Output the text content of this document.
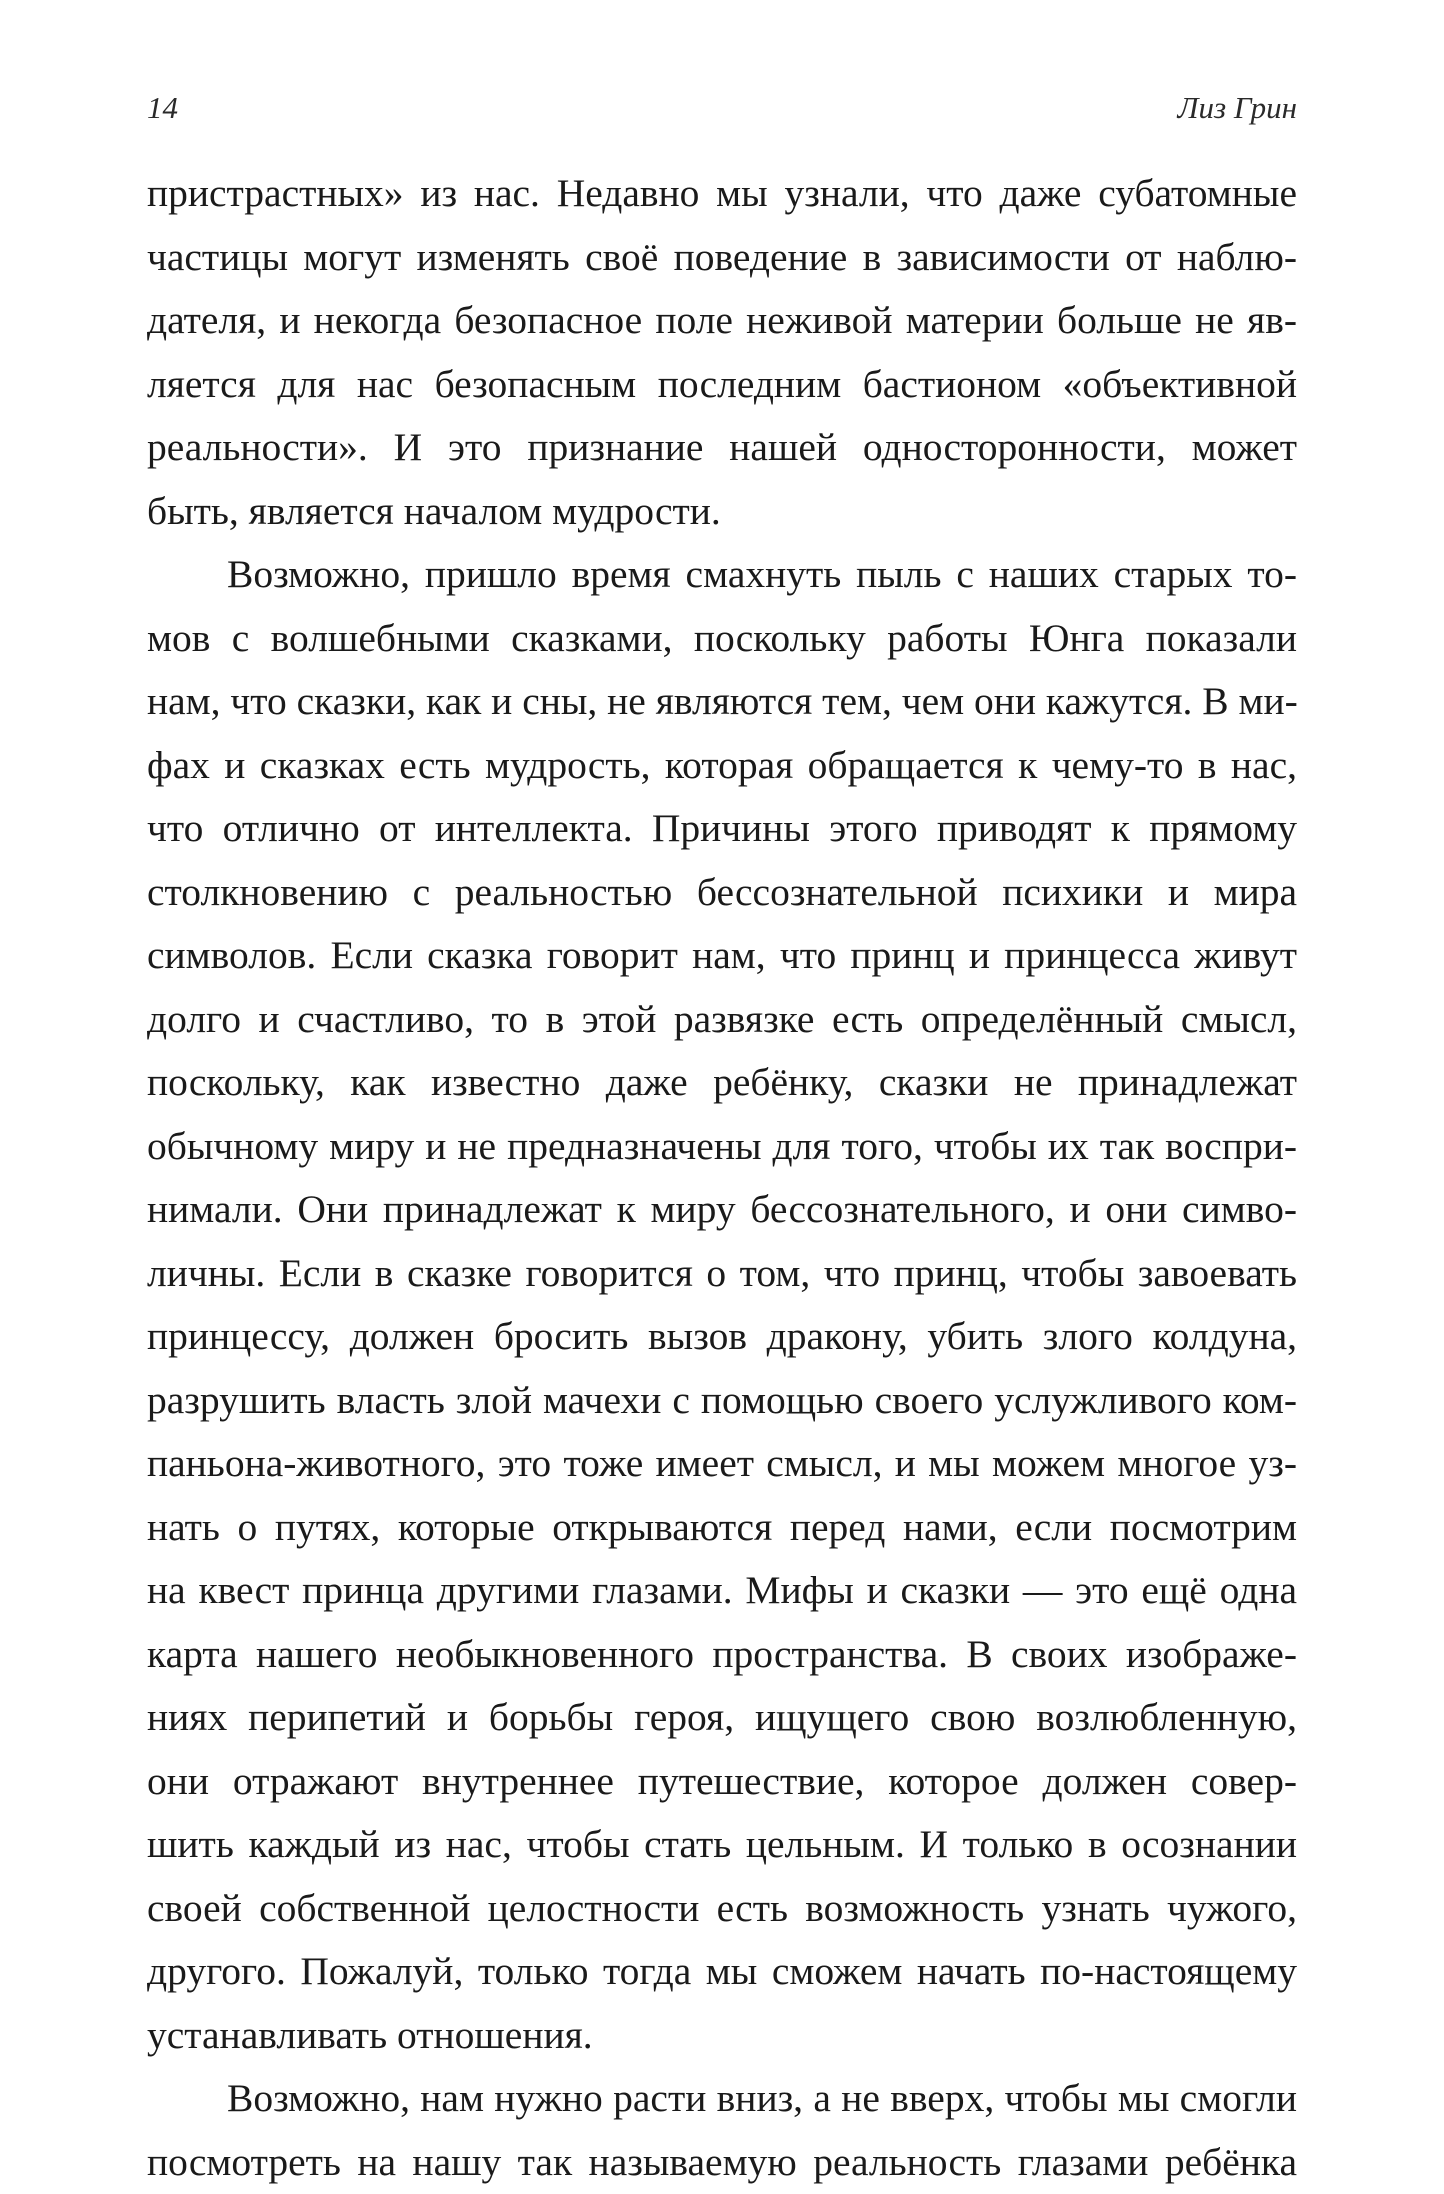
14	Лиз Грин
пристрастных» из нас. Недавно мы узнали, что даже субатомные
частицы могут изменять своё поведение в зависимости от наблю-
дателя, и некогда безопасное поле неживой материи больше не яв-
ляется для нас безопасным последним бастионом «объективной
реальности». И это признание нашей односторонности, может
быть, является началом мудрости.
Возможно, пришло время смахнуть пыль с наших старых то-
мов с волшебными сказками, поскольку работы Юнга показали
нам, что сказки, как и сны, не являются тем, чем они кажутся. В ми-
фах и сказках есть мудрость, которая обращается к чему-то в нас,
что отлично от интеллекта. Причины этого приводят к прямому
столкновению с реальностью бессознательной психики и мира
символов. Если сказка говорит нам, что принц и принцесса живут
долго и счастливо, то в этой развязке есть определённый смысл,
поскольку, как известно даже ребёнку, сказки не принадлежат
обычному миру и не предназначены для того, чтобы их так воспри-
нимали. Они принадлежат к миру бессознательного, и они симво-
личны. Если в сказке говорится о том, что принц, чтобы завоевать
принцессу, должен бросить вызов дракону, убить злого колдуна,
разрушить власть злой мачехи с помощью своего услужливого ком-
паньона-животного, это тоже имеет смысл, и мы можем многое уз-
нать о путях, которые открываются перед нами, если посмотрим
на квест принца другими глазами. Мифы и сказки — это ещё одна
карта нашего необыкновенного пространства. В своих изображе-
ниях перипетий и борьбы героя, ищущего свою возлюбленную,
они отражают внутреннее путешествие, которое должен совер-
шить каждый из нас, чтобы стать цельным. И только в осознании
своей собственной целостности есть возможность узнать чужого,
другого. Пожалуй, только тогда мы сможем начать по-настоящему
устанавливать отношения.
Возможно, нам нужно расти вниз, а не вверх, чтобы мы смогли
посмотреть на нашу так называемую реальность глазами ребёнка
